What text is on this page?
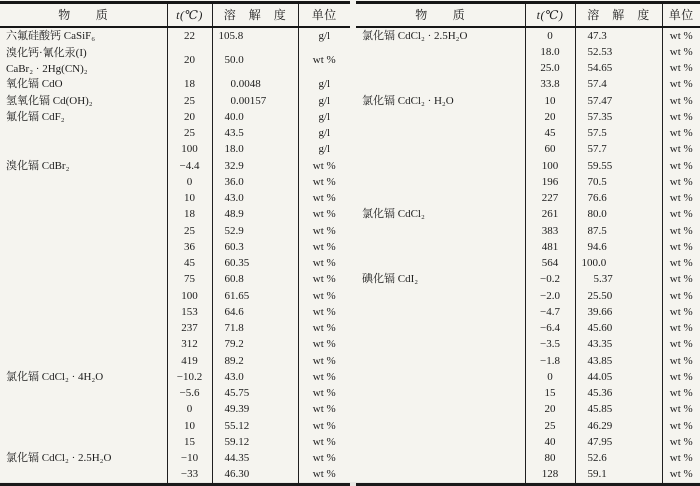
物　　质	t(℃)	溶　解　度	单位
六氟硅酸钙 CaSiF₆	22	105.8	g/l

溴化钙·氰化汞(I)
CaBr₂ · 2Hg(CN)₂	20	50.0	wt %
氧化镉 CdO	18	0.0048	g/l
氢氧化镉 Cd(OH)₂	25	0.00157	g/l
氟化镉 CdF₂	20	40.0	g/l
	25	43.5	g/l
	100	18.0	g/l
溴化镉 CdBr₂	−4.4	32.9	wt %
	0	36.0	wt %
	10	43.0	wt %
	18	48.9	wt %
	25	52.9	wt %
	36	60.3	wt %
	45	60.35	wt %
	75	60.8	wt %
	100	61.65	wt %
	153	64.6	wt %
	237	71.8	wt %
	312	79.2	wt %
	419	89.2	wt %
氯化镉 CdCl₂ · 4H₂O	−10.2	43.0	wt %
	−5.6	45.75	wt %
	0	49.39	wt %
	10	55.12	wt %
	15	59.12	wt %
氯化镉 CdCl₂ · 2.5H₂O	−10	44.35	wt %
	−33	46.30	wt %
物　　质	t(℃)	溶　解　度	单位
氯化镉 CdCl₂ · 2.5H₂O	0	47.3	wt %
	18.0	52.53	wt %
	25.0	54.65	wt %
	33.8	57.4	wt %
氯化镉 CdCl₂ · H₂O	10	57.47	wt %
	20	57.35	wt %
	45	57.5	wt %
	60	57.7	wt %
	100	59.55	wt %
	196	70.5	wt %
	227	76.6	wt %
氯化镉 CdCl₂	261	80.0	wt %
	383	87.5	wt %
	481	94.6	wt %
	564	100.0	wt %
碘化镉 CdI₂	−0.2	5.37	wt %
	−2.0	25.50	wt %
	−4.7	39.66	wt %
	−6.4	45.60	wt %
	−3.5	43.35	wt %
	−1.8	43.85	wt %
	0	44.05	wt %
	15	45.36	wt %
	20	45.85	wt %
	25	46.29	wt %
	40	47.95	wt %
	80	52.6	wt %
	128	59.1	wt %
